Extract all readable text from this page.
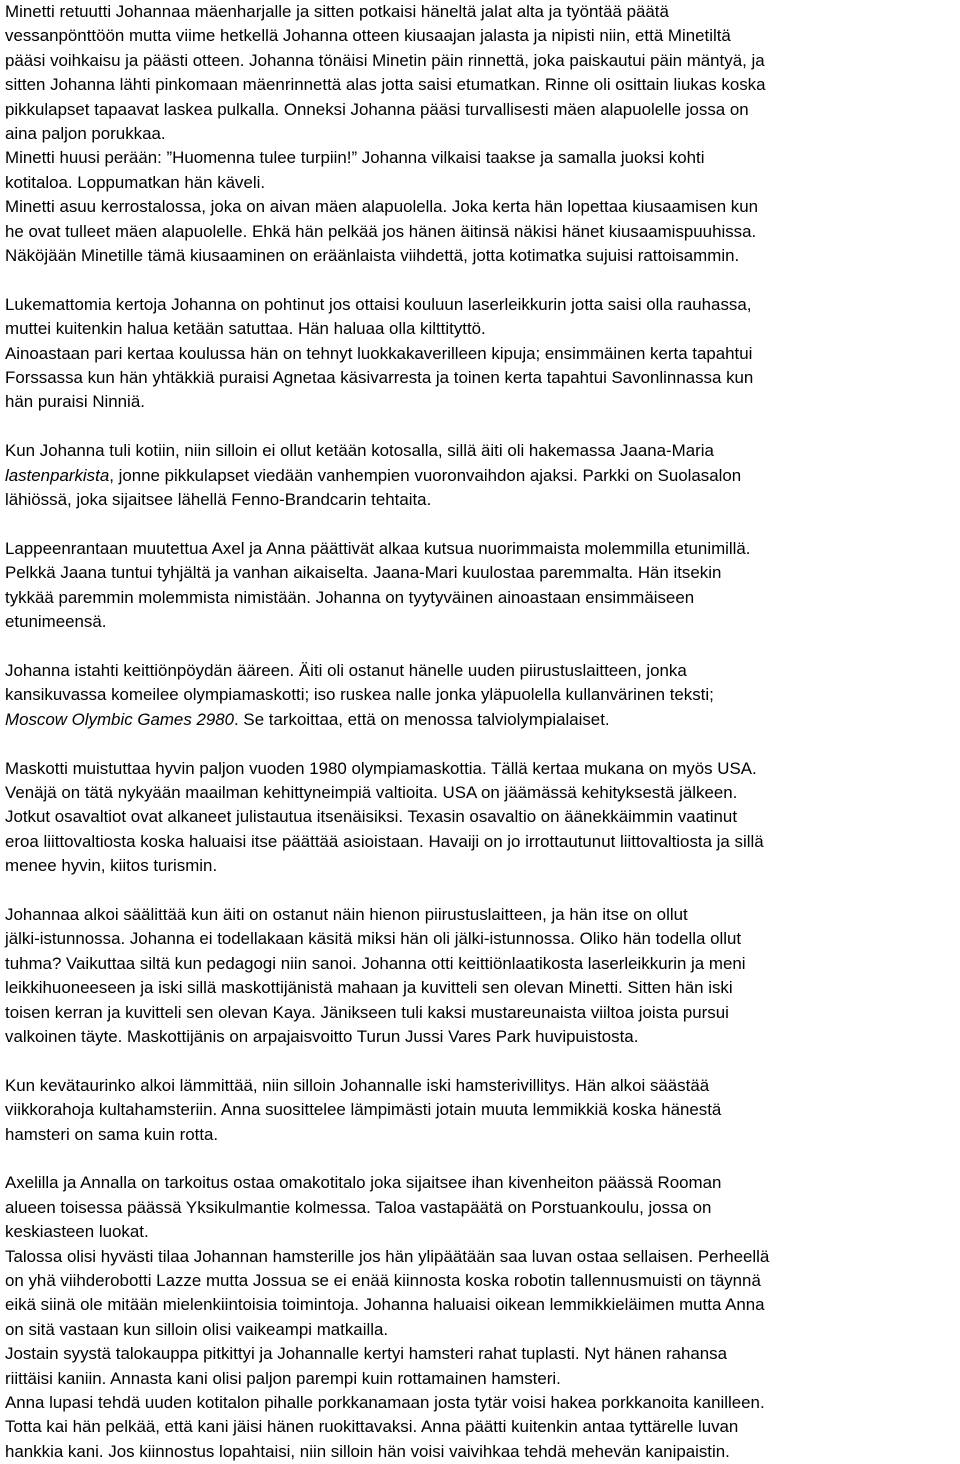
Minetti retuutti Johannaa mäenharjalle ja sitten potkaisi häneltä jalat alta ja työntää päätä

vessanpönttöön mutta viime hetkellä Johanna otteen kiusaajan jalasta ja nipisti niin, että Minetiltä

pääsi voihkaisu ja päästi otteen. Johanna tönäisi Minetin päin rinnettä, joka paiskautui päin mäntyä, ja

sitten Johanna lähti pinkomaan mäenrinnettä alas jotta saisi etumatkan. Rinne oli osittain liukas koska

pikkulapset tapaavat laskea pulkalla. Onneksi Johanna pääsi turvallisesti mäen alapuolelle jossa on

aina paljon porukkaa.

Minetti huusi perään: ”Huomenna tulee turpiin!” Johanna vilkaisi taakse ja samalla juoksi kohti

kotitaloa. Loppumatkan hän käveli.

Minetti asuu kerrostalossa, joka on aivan mäen alapuolella. Joka kerta hän lopettaa kiusaamisen kun

he ovat tulleet mäen alapuolelle. Ehkä hän pelkää jos hänen äitinsä näkisi hänet kiusaamispuuhissa.

Näköjään Minetille tämä kiusaaminen on eräänlaista viihdettä, jotta kotimatka sujuisi rattoisammin.

Lukemattomia kertoja Johanna on pohtinut jos ottaisi kouluun laserleikkurin jotta saisi olla rauhassa,

muttei kuitenkin halua ketään satuttaa. Hän haluaa olla kilttityttö.

Ainoastaan pari kertaa koulussa hän on tehnyt luokkakaverilleen kipuja; ensimmäinen kerta tapahtui

Forssassa kun hän yhtäkkiä puraisi Agnetaa käsivarresta ja toinen kerta tapahtui Savonlinnassa kun

hän puraisi Ninniä.

Kun Johanna tuli kotiin, niin silloin ei ollut ketään kotosalla, sillä äiti oli hakemassa Jaana-Maria

lastenparkista, jonne pikkulapset viedään vanhempien vuoronvaihdon ajaksi. Parkki on Suolasalon

lähiössä, joka sijaitsee lähellä Fenno-Brandcarin tehtaita.

Lappeenrantaan muutettua Axel ja Anna päättivät alkaa kutsua nuorimmaista molemmilla etunimillä.

Pelkkä Jaana tuntui tyhjältä ja vanhan aikaiselta. Jaana-Mari kuulostaa paremmalta. Hän itsekin

tykkää paremmin molemmista nimistään. Johanna on tyytyväinen ainoastaan ensimmäiseen

etunimeensä.

Johanna istahti keittiönpöydän ääreen. Äiti oli ostanut hänelle uuden piirustuslaitteen, jonka

kansikuvassa komeilee olympiamaskotti; iso ruskea nalle jonka yläpuolella kullanvärinen teksti;

Moscow Olymbic Games 2980. Se tarkoittaa, että on menossa talviolympialaiset.

Maskotti muistuttaa hyvin paljon vuoden 1980 olympiamaskottia. Tällä kertaa mukana on myös USA.

Venäjä on tätä nykyään maailman kehittyneimpiä valtioita. USA on jäämässä kehityksestä jälkeen.

Jotkut osavaltiot ovat alkaneet julistautua itsenäisiksi. Texasin osavaltio on äänekkäimmin vaatinut

eroa liittovaltiosta koska haluaisi itse päättää asioistaan. Havaiji on jo irrottautunut liittovaltiosta ja sillä

menee hyvin, kiitos turismin.

Johannaa alkoi säälittää kun äiti on ostanut näin hienon piirustuslaitteen, ja hän itse on ollut

jälki-istunnossa. Johanna ei todellakaan käsitä miksi hän oli jälki-istunnossa. Oliko hän todella ollut

tuhma? Vaikuttaa siltä kun pedagogi niin sanoi. Johanna otti keittiönlaatikosta laserleikkurin ja meni

leikkihuoneeseen ja iski sillä maskottijänistä mahaan ja kuvitteli sen olevan Minetti. Sitten hän iski

toisen kerran ja kuvitteli sen olevan Kaya. Jänikseen tuli kaksi mustareunaista viiltoa joista pursui

valkoinen täyte. Maskottijänis on arpajaisvoitto Turun Jussi Vares Park huvipuistosta.

Kun kevätaurinko alkoi lämmittää, niin silloin Johannalle iski hamsterivillitys. Hän alkoi säästää

viikkorahoja kultahamsteriin. Anna suosittelee lämpimästi jotain muuta lemmikkiä koska hänestä

hamsteri on sama kuin rotta.

Axelilla ja Annalla on tarkoitus ostaa omakotitalo joka sijaitsee ihan kivenheiton päässä Rooman

alueen toisessa päässä Yksikulmantie kolmessa. Taloa vastapäätä on Porstuankoulu, jossa on

keskiasteen luokat.

Talossa olisi hyvästi tilaa Johannan hamsterille jos hän ylipäätään saa luvan ostaa sellaisen. Perheellä

on yhä viihderobotti Lazze mutta Jossua se ei enää kiinnosta koska robotin tallennusmuisti on täynnä

eikä siinä ole mitään mielenkiintoisia toimintoja. Johanna haluaisi oikean lemmikkieläimen mutta Anna

on sitä vastaan kun silloin olisi vaikeampi matkailla.

Jostain syystä talokauppa pitkittyi ja Johannalle kertyi hamsteri rahat tuplasti. Nyt hänen rahansa

riittäisi kaniin. Annasta kani olisi paljon parempi kuin rottamainen hamsteri.

Anna lupasi tehdä uuden kotitalon pihalle porkkanamaan josta tytär voisi hakea porkkanoita kanilleen.

Totta kai hän pelkää, että kani jäisi hänen ruokittavaksi. Anna päätti kuitenkin antaa tyttärelle luvan

hankkia kani. Jos kiinnostus lopahtaisi, niin silloin hän voisi vaivihkaa tehdä mehevän kanipaistin.
